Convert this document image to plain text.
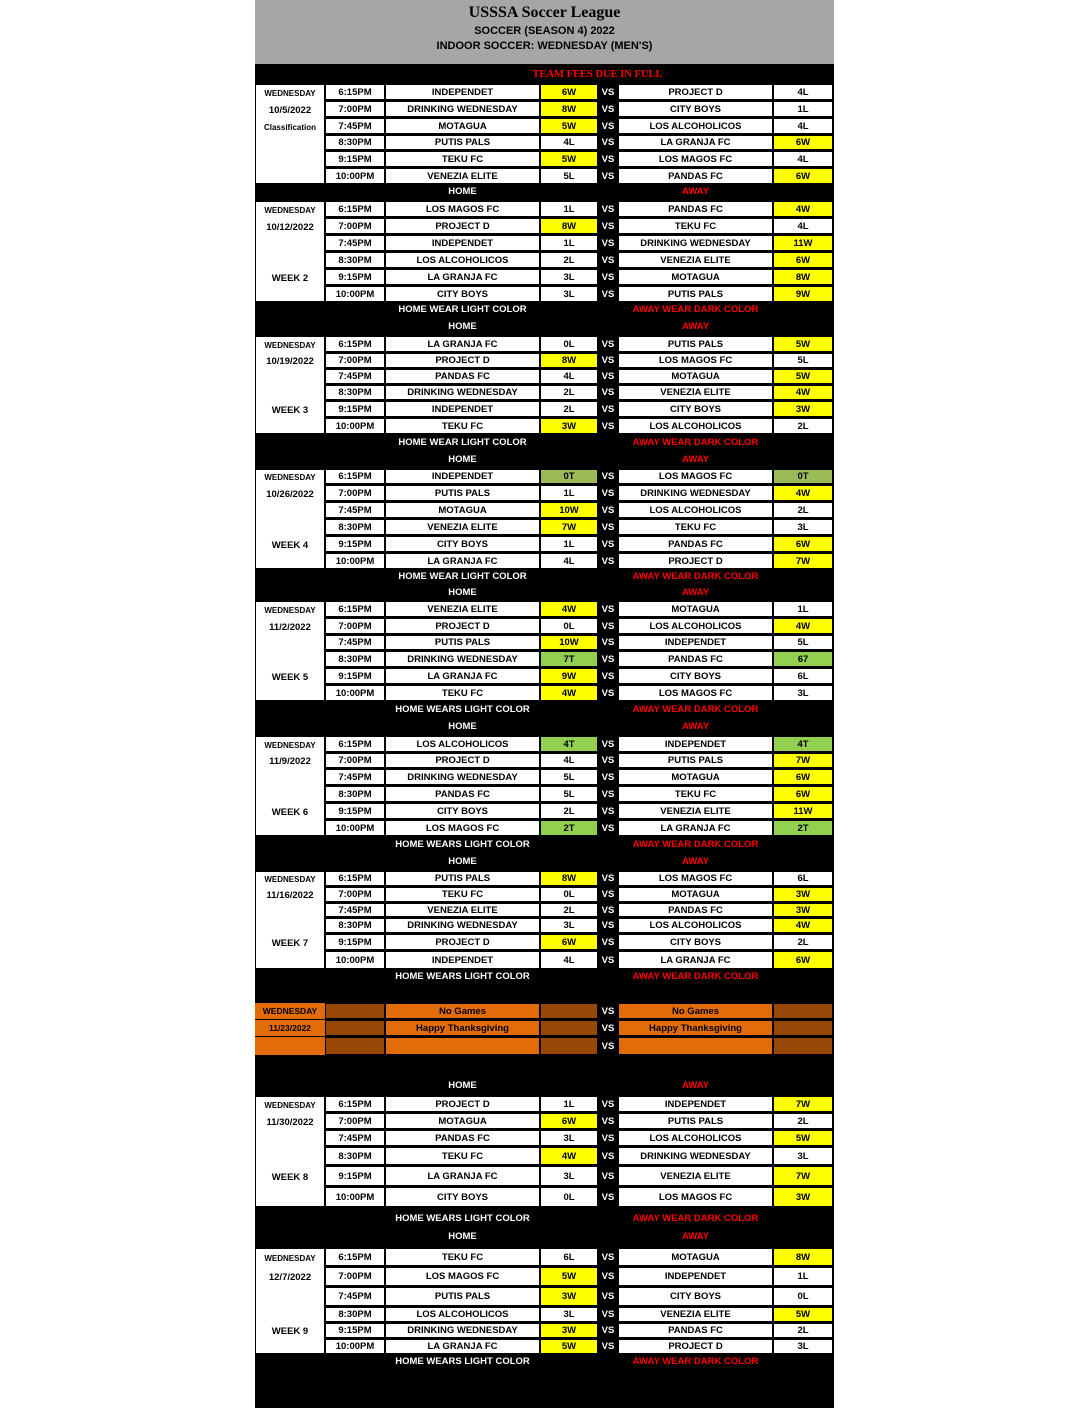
USSSA Soccer League
SOCCER (SEASON 4) 2022
INDOOR SOCCER: WEDNESDAY (MEN'S)
TEAM FEES DUE IN FULL
HOME	AWAY
HOME WEAR LIGHT COLOR	AWAY WEAR DARK COLOR
HOME	AWAY
HOME WEAR LIGHT COLOR	AWAY WEAR DARK COLOR
HOME	AWAY
HOME WEAR LIGHT COLOR	AWAY WEAR DARK COLOR
HOME	AWAY
HOME WEARS LIGHT COLOR	AWAY WEAR DARK COLOR
HOME	AWAY
HOME WEARS LIGHT COLOR	AWAY WEAR DARK COLOR
HOME	AWAY
HOME WEARS LIGHT COLOR	AWAY WEAR DARK COLOR
HOME	AWAY
HOME WEARS LIGHT COLOR	AWAY WEAR DARK COLOR
HOME	AWAY
HOME WEARS LIGHT COLOR	AWAY WEAR DARK COLOR
6:15PM	INDEPENDET	6W	VS	PROJECT D	4L
7:00PM	DRINKING WEDNESDAY	8W	VS	CITY BOYS	1L
7:45PM	MOTAGUA	5W	VS	LOS ALCOHOLICOS	4L
8:30PM	PUTIS PALS	4L	VS	LA GRANJA FC	6W
9:15PM	TEKU FC	5W	VS	LOS MAGOS FC	4L
10:00PM	VENEZIA ELITE	5L	VS	PANDAS FC	6W
WEDNESDAY
10/5/2022
Classification
6:15PM	LOS MAGOS FC	1L	VS	PANDAS FC	4W
7:00PM	PROJECT D	8W	VS	TEKU FC	4L
7:45PM	INDEPENDET	1L	VS	DRINKING WEDNESDAY	11W
8:30PM	LOS ALCOHOLICOS	2L	VS	VENEZIA ELITE	6W
9:15PM	LA GRANJA FC	3L	VS	MOTAGUA	8W
10:00PM	CITY BOYS	3L	VS	PUTIS PALS	9W
WEDNESDAY
10/12/2022
WEEK 2
6:15PM	LA GRANJA FC	0L	VS	PUTIS PALS	5W
7:00PM	PROJECT D	8W	VS	LOS MAGOS FC	5L
7:45PM	PANDAS FC	4L	VS	MOTAGUA	5W
8:30PM	DRINKING WEDNESDAY	2L	VS	VENEZIA ELITE	4W
9:15PM	INDEPENDET	2L	VS	CITY BOYS	3W
10:00PM	TEKU FC	3W	VS	LOS ALCOHOLICOS	2L
WEDNESDAY
10/19/2022
WEEK 3
6:15PM	INDEPENDET	0T	VS	LOS MAGOS FC	0T
7:00PM	PUTIS PALS	1L	VS	DRINKING WEDNESDAY	4W
7:45PM	MOTAGUA	10W	VS	LOS ALCOHOLICOS	2L
8:30PM	VENEZIA ELITE	7W	VS	TEKU FC	3L
9:15PM	CITY BOYS	1L	VS	PANDAS FC	6W
10:00PM	LA GRANJA FC	4L	VS	PROJECT D	7W
WEDNESDAY
10/26/2022
WEEK 4
6:15PM	VENEZIA ELITE	4W	VS	MOTAGUA	1L
7:00PM	PROJECT D	0L	VS	LOS ALCOHOLICOS	4W
7:45PM	PUTIS PALS	10W	VS	INDEPENDET	5L
8:30PM	DRINKING WEDNESDAY	7T	VS	PANDAS FC	67
9:15PM	LA GRANJA FC	9W	VS	CITY BOYS	6L
10:00PM	TEKU FC	4W	VS	LOS MAGOS FC	3L
WEDNESDAY
11/2/2022
WEEK 5
6:15PM	LOS ALCOHOLICOS	4T	VS	INDEPENDET	4T
7:00PM	PROJECT D	4L	VS	PUTIS PALS	7W
7:45PM	DRINKING WEDNESDAY	5L	VS	MOTAGUA	6W
8:30PM	PANDAS FC	5L	VS	TEKU FC	6W
9:15PM	CITY BOYS	2L	VS	VENEZIA ELITE	11W
10:00PM	LOS MAGOS FC	2T	VS	LA GRANJA FC	2T
WEDNESDAY
11/9/2022
WEEK 6
6:15PM	PUTIS PALS	8W	VS	LOS MAGOS FC	6L
7:00PM	TEKU FC	0L	VS	MOTAGUA	3W
7:45PM	VENEZIA ELITE	2L	VS	PANDAS FC	3W
8:30PM	DRINKING WEDNESDAY	3L	VS	LOS ALCOHOLICOS	4W
9:15PM	PROJECT D	6W	VS	CITY BOYS	2L
10:00PM	INDEPENDET	4L	VS	LA GRANJA FC	6W
WEDNESDAY
11/16/2022
WEEK 7
6:15PM	PROJECT D	1L	VS	INDEPENDET	7W
7:00PM	MOTAGUA	6W	VS	PUTIS PALS	2L
7:45PM	PANDAS FC	3L	VS	LOS ALCOHOLICOS	5W
8:30PM	TEKU FC	4W	VS	DRINKING WEDNESDAY	3L
9:15PM	LA GRANJA FC	3L	VS	VENEZIA ELITE	7W
10:00PM	CITY BOYS	0L	VS	LOS MAGOS FC	3W
WEDNESDAY
11/30/2022
WEEK 8
6:15PM	TEKU FC	6L	VS	MOTAGUA	8W
7:00PM	LOS MAGOS FC	5W	VS	INDEPENDET	1L
7:45PM	PUTIS PALS	3W	VS	CITY BOYS	0L
8:30PM	LOS ALCOHOLICOS	3L	VS	VENEZIA ELITE	5W
9:15PM	DRINKING WEDNESDAY	3W	VS	PANDAS FC	2L
10:00PM	LA GRANJA FC	5W	VS	PROJECT D	3L
WEDNESDAY
12/7/2022
WEEK 9
WEDNESDAY	No Games	VS	No Games
11/23/2022	Happy Thanksgiving	VS	Happy Thanksgiving
VS
